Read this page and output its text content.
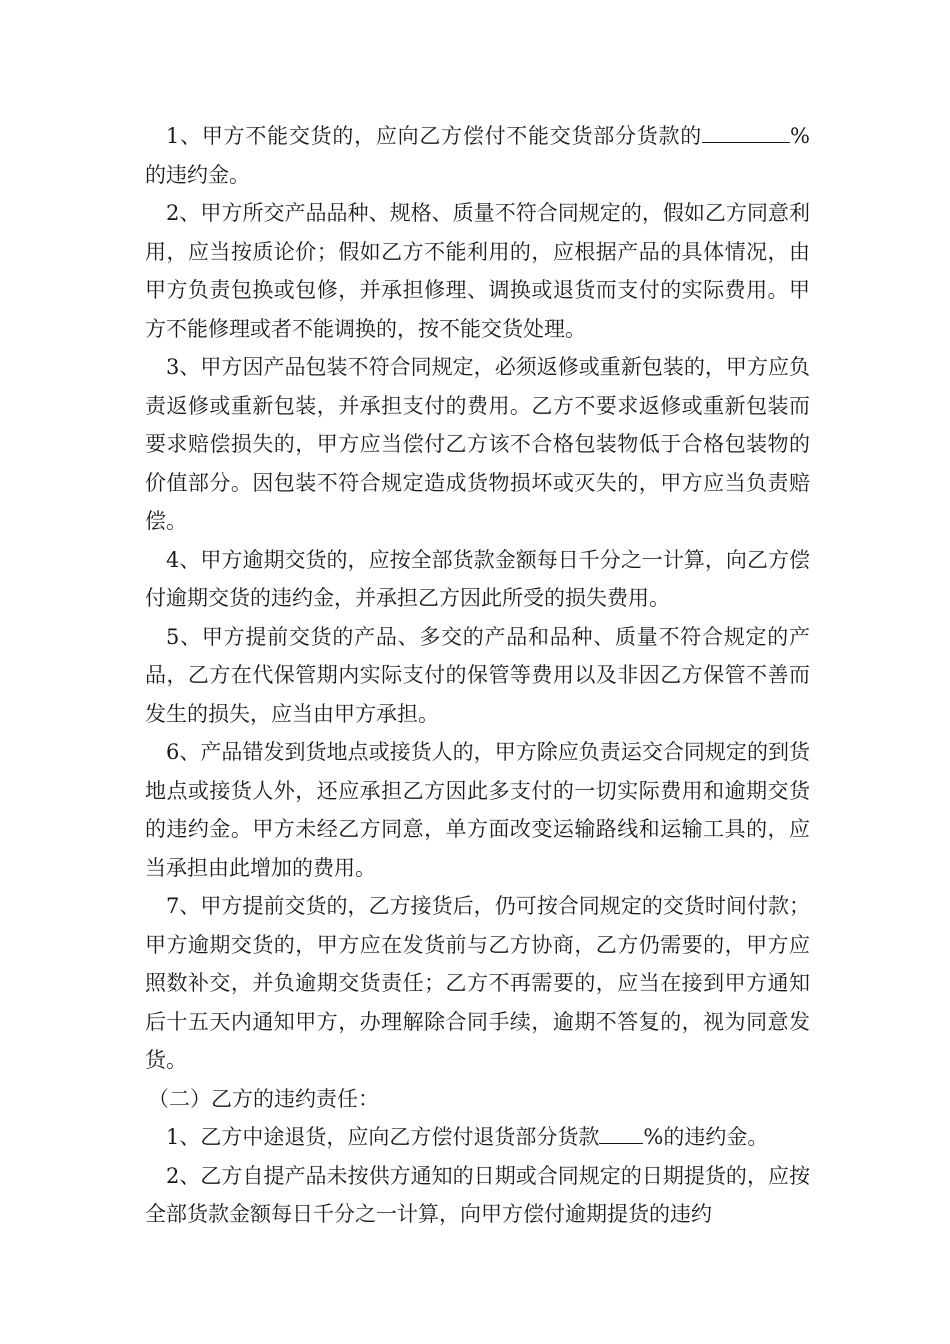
1、甲方不能交货的，应向乙方偿付不能交货部分货款的	%的违约金。

2、甲方所交产品品种、规格、质量不符合同规定的，假如乙方同意利用，应当按质论价；假如乙方不能利用的，应根据产品的具体情况，由甲方负责包换或包修，并承担修理、调换或退货而支付的实际费用。甲方不能修理或者不能调换的，按不能交货处理。

3、甲方因产品包装不符合同规定，必须返修或重新包装的，甲方应负责返修或重新包装，并承担支付的费用。乙方不要求返修或重新包装而要求赔偿损失的，甲方应当偿付乙方该不合格包装物低于合格包装物的价值部分。因包装不符合规定造成货物损坏或灭失的，甲方应当负责赔偿。

4、甲方逾期交货的，应按全部货款金额每日千分之一计算，向乙方偿付逾期交货的违约金，并承担乙方因此所受的损失费用。

5、甲方提前交货的产品、多交的产品和品种、质量不符合规定的产品，乙方在代保管期内实际支付的保管等费用以及非因乙方保管不善而发生的损失，应当由甲方承担。

6、产品错发到货地点或接货人的，甲方除应负责运交合同规定的到货地点或接货人外，还应承担乙方因此多支付的一切实际费用和逾期交货的违约金。甲方未经乙方同意，单方面改变运输路线和运输工具的，应当承担由此增加的费用。

7、甲方提前交货的，乙方接货后，仍可按合同规定的交货时间付款；甲方逾期交货的，甲方应在发货前与乙方协商，乙方仍需要的，甲方应照数补交，并负逾期交货责任；乙方不再需要的，应当在接到甲方通知后十五天内通知甲方，办理解除合同手续，逾期不答复的，视为同意发货。

（二）乙方的违约责任：

1、乙方中途退货，应向乙方偿付退货部分货款 %的违约金。

2、乙方自提产品未按供方通知的日期或合同规定的日期提货的，应按全部货款金额每日千分之一计算，向甲方偿付逾期提货的违约
